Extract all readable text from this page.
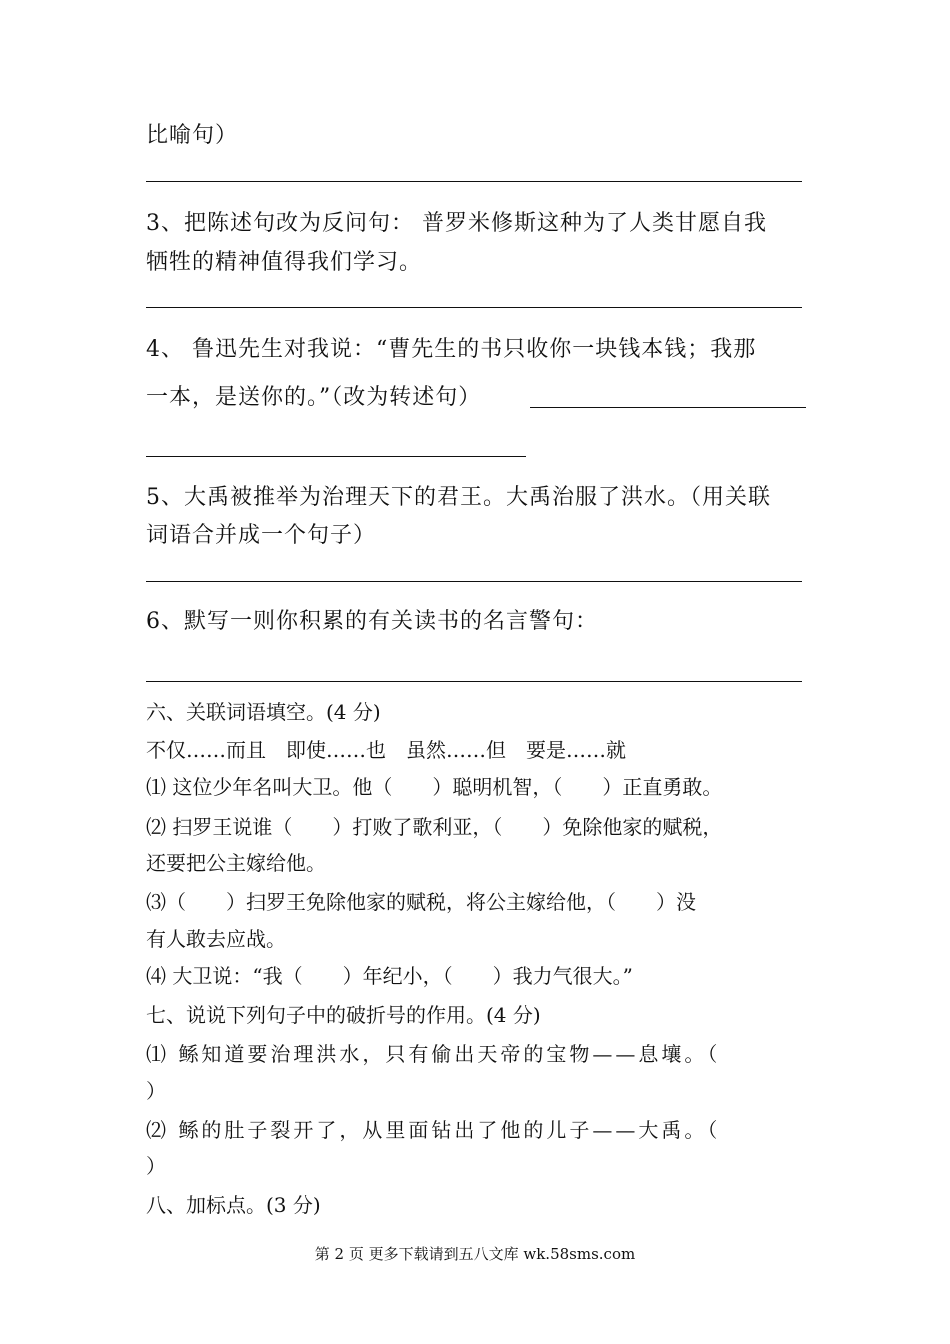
比喻句）
3、把陈述句改为反问句： 普罗米修斯这种为了人类甘愿自我
牺牲的精神值得我们学习。
4、 鲁迅先生对我说：“曹先生的书只收你一块钱本钱；我那
一本，是送你的。”（改为转述句）
5、大禹被推举为治理天下的君王。大禹治服了洪水。（用关联
词语合并成一个句子）
6、默写一则你积累的有关读书的名言警句：
六、关联词语填空。(4 分)
不仅……而且　即使……也　虽然……但　要是……就
⑴ 这位少年名叫大卫。他（　　）聪明机智，（　　）正直勇敢。
⑵ 扫罗王说谁（　　）打败了歌利亚，（　　）免除他家的赋税，
还要把公主嫁给他。
⑶（　　）扫罗王免除他家的赋税，将公主嫁给他，（　　）没
有人敢去应战。
⑷ 大卫说：“我（　　）年纪小，（　　）我力气很大。”
七、说说下列句子中的破折号的作用。(4 分)
⑴ 鲧知道要治理洪水，只有偷出天帝的宝物——息壤。（
）
⑵ 鲧的肚子裂开了，从里面钻出了他的儿子——大禹。（
）
八、加标点。(3 分)
第 2 页 更多下载请到五八文库 wk.58sms.com
